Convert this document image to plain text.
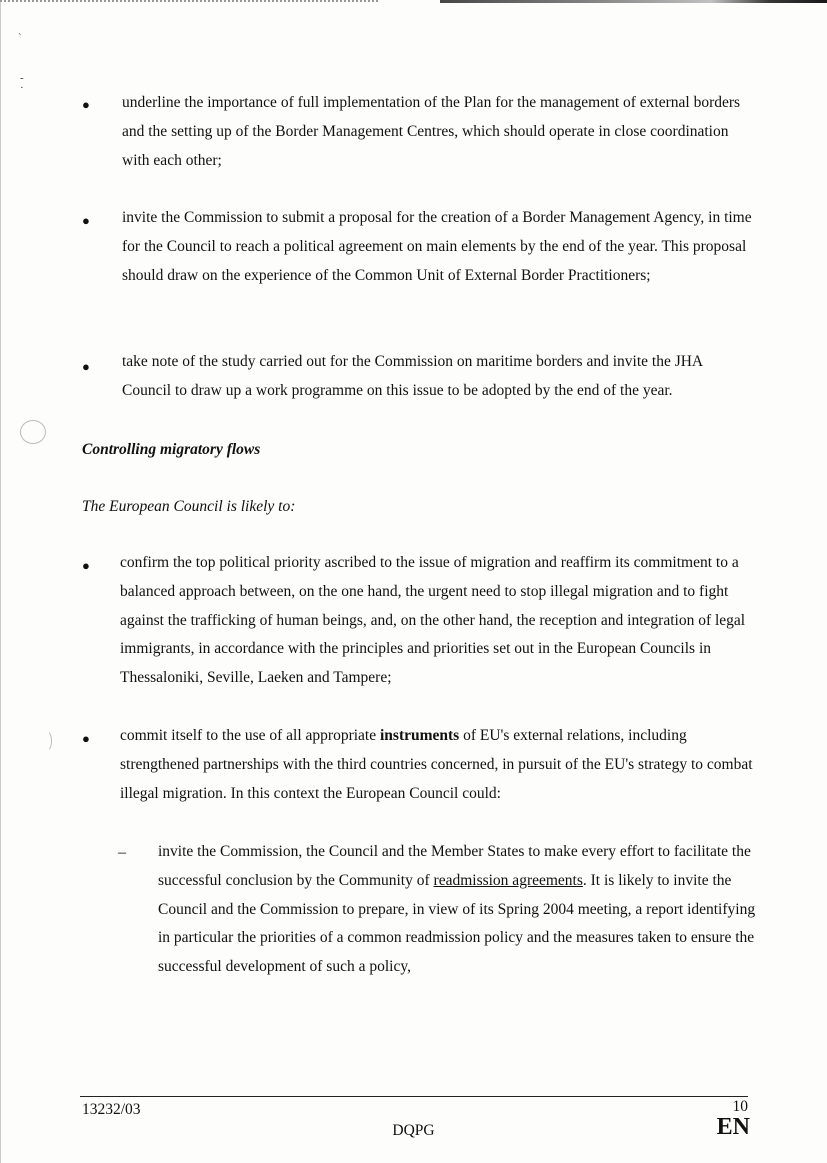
ˋ
-
·
● underline the importance of full implementation of the Plan for the management of external borders and the setting up of the Border Management Centres, which should operate in close coordination with each other;

● invite the Commission to submit a proposal for the creation of a Border Management Agency, in time for the Council to reach a political agreement on main elements by the end of the year. This proposal should draw on the experience of the Common Unit of External Border Practitioners;

● take note of the study carried out for the Commission on maritime borders and invite the JHA Council to draw up a work programme on this issue to be adopted by the end of the year.

Controlling migratory flows
The European Council is likely to:
● confirm the top political priority ascribed to the issue of migration and reaffirm its commitment to a balanced approach between, on the one hand, the urgent need to stop illegal migration and to fight against the trafficking of human beings, and, on the other hand, the reception and integration of legal immigrants, in accordance with the principles and priorities set out in the European Councils in Thessaloniki, Seville, Laeken and Tampere;

● commit itself to the use of all appropriate instruments of EU's external relations, including strengthened partnerships with the third countries concerned, in pursuit of the EU's strategy to combat illegal migration. In this context the European Council could:

– invite the Commission, the Council and the Member States to make every effort to facilitate the successful conclusion by the Community of readmission agreements. It is likely to invite the Council and the Commission to prepare, in view of its Spring 2004 meeting, a report identifying in particular the priorities of a common readmission policy and the measures taken to ensure the successful development of such a policy,

13232/03
DQPG
10
EN
